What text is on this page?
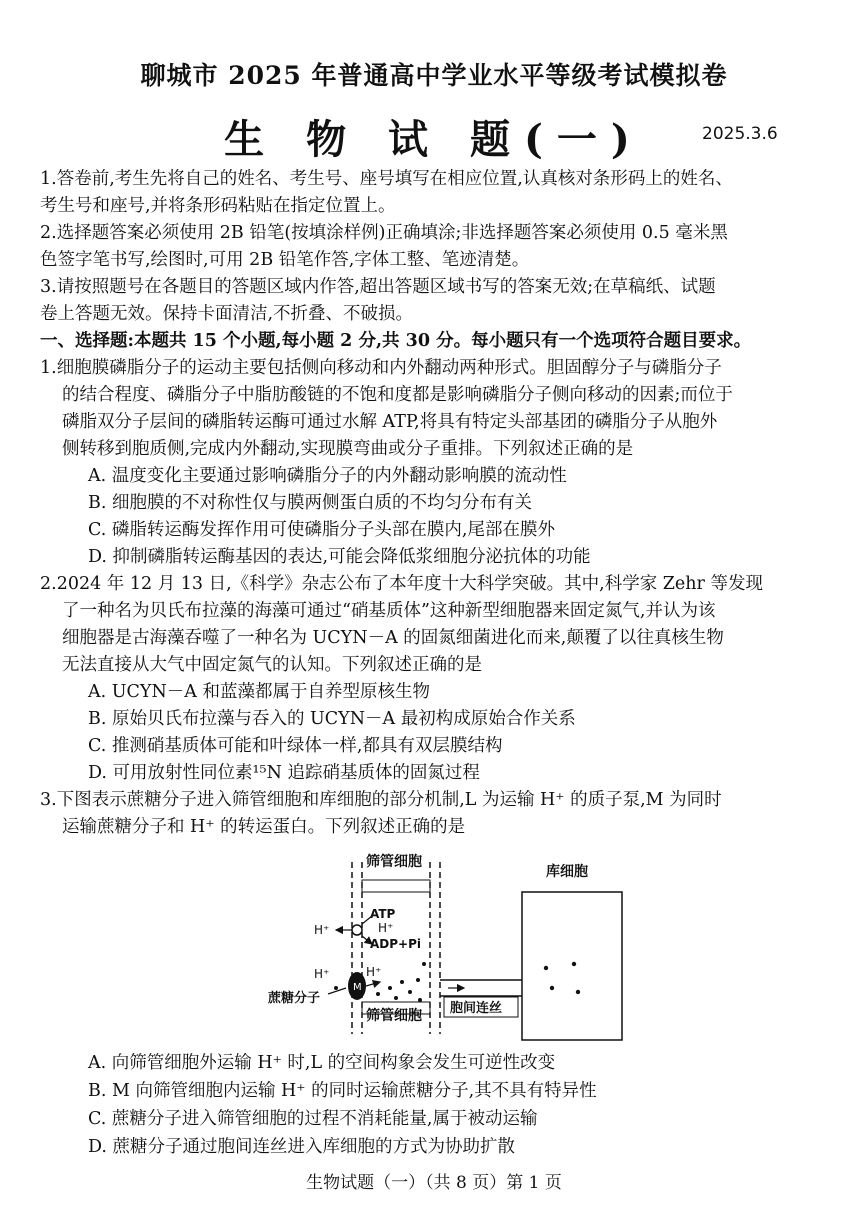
聊城市 2025 年普通高中学业水平等级考试模拟卷
生 物 试 题(一)	2025.3.6
1.答卷前,考生先将自己的姓名、考生号、座号填写在相应位置,认真核对条形码上的姓名、
考生号和座号,并将条形码粘贴在指定位置上。
2.选择题答案必须使用 2B 铅笔(按填涂样例)正确填涂;非选择题答案必须使用 0.5 毫米黑
色签字笔书写,绘图时,可用 2B 铅笔作答,字体工整、笔迹清楚。
3.请按照题号在各题目的答题区域内作答,超出答题区域书写的答案无效;在草稿纸、试题
卷上答题无效。保持卡面清洁,不折叠、不破损。
一、选择题:本题共 15 个小题,每小题 2 分,共 30 分。每小题只有一个选项符合题目要求。
1.细胞膜磷脂分子的运动主要包括侧向移动和内外翻动两种形式。胆固醇分子与磷脂分子
的结合程度、磷脂分子中脂肪酸链的不饱和度都是影响磷脂分子侧向移动的因素;而位于
磷脂双分子层间的磷脂转运酶可通过水解 ATP,将具有特定头部基团的磷脂分子从胞外
侧转移到胞质侧,完成内外翻动,实现膜弯曲或分子重排。下列叙述正确的是
A. 温度变化主要通过影响磷脂分子的内外翻动影响膜的流动性
B. 细胞膜的不对称性仅与膜两侧蛋白质的不均匀分布有关
C. 磷脂转运酶发挥作用可使磷脂分子头部在膜内,尾部在膜外
D. 抑制磷脂转运酶基因的表达,可能会降低浆细胞分泌抗体的功能
2.2024 年 12 月 13 日,《科学》杂志公布了本年度十大科学突破。其中,科学家 Zehr 等发现
了一种名为贝氏布拉藻的海藻可通过“硝基质体”这种新型细胞器来固定氮气,并认为该
细胞器是古海藻吞噬了一种名为 UCYN－A 的固氮细菌进化而来,颠覆了以往真核生物
无法直接从大气中固定氮气的认知。下列叙述正确的是
A. UCYN－A 和蓝藻都属于自养型原核生物
B. 原始贝氏布拉藻与吞入的 UCYN－A 最初构成原始合作关系
C. 推测硝基质体可能和叶绿体一样,都具有双层膜结构
D. 可用放射性同位素¹⁵N 追踪硝基质体的固氮过程
3.下图表示蔗糖分子进入筛管细胞和库细胞的部分机制,L 为运输 H⁺ 的质子泵,M 为同时
运输蔗糖分子和 H⁺ 的转运蛋白。下列叙述正确的是
筛管细胞
筛管细胞
H⁺
ATP
H⁺
ADP+Pi
M
H⁺	H⁺
蔗糖分子
胞间连丝
库细胞
A. 向筛管细胞外运输 H⁺ 时,L 的空间构象会发生可逆性改变
B. M 向筛管细胞内运输 H⁺ 的同时运输蔗糖分子,其不具有特异性
C. 蔗糖分子进入筛管细胞的过程不消耗能量,属于被动运输
D. 蔗糖分子通过胞间连丝进入库细胞的方式为协助扩散
生物试题（一）（共 8 页）第 1 页
